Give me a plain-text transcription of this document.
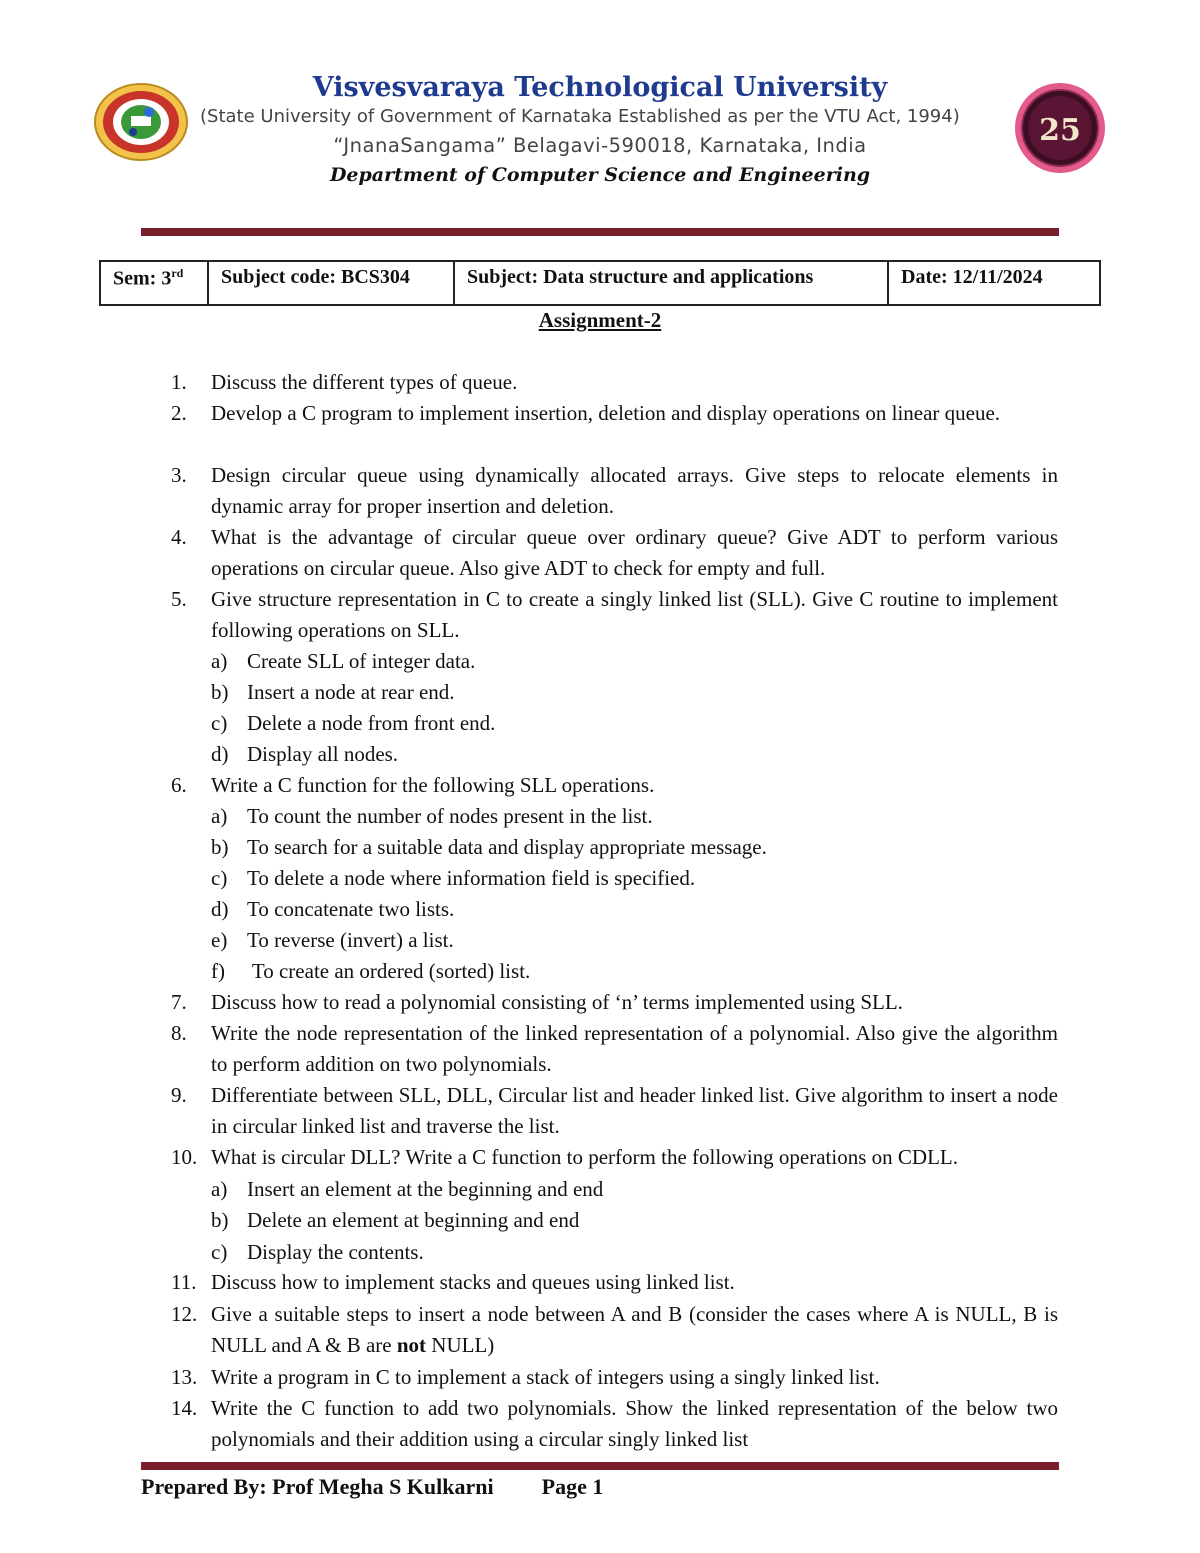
25
Visvesvaraya Technological University
(State University of Government of Karnataka Established as per the VTU Act, 1994)
“JnanaSangama” Belagavi-590018, Karnataka, India
Department of Computer Science and Engineering
Sem: 3rd	Subject code: BCS304	Subject: Data structure and applications	Date: 12/11/2024
Assignment-2
1.	Discuss the different types of queue.
2.	Develop a C program to implement insertion, deletion and display operations on linear queue.
3.	Design circular queue using dynamically allocated arrays. Give steps to relocate elements in dynamic array for proper insertion and deletion.
4.	What is the advantage of circular queue over ordinary queue? Give ADT to perform various operations on circular queue. Also give ADT to check for empty and full.
5.	Give structure representation in C to create a singly linked list (SLL). Give C routine to implement following operations on SLL.
a) Create SLL of integer data.
b) Insert a node at rear end.
c) Delete a node from front end.
d) Display all nodes.
6.	Write a C function for the following SLL operations.
a) To count the number of nodes present in the list.
b) To search for a suitable data and display appropriate message.
c) To delete a node where information field is specified.
d) To concatenate two lists.
e) To reverse (invert) a list.
f) To create an ordered (sorted) list.
7.	Discuss how to read a polynomial consisting of ‘n’ terms implemented using SLL.
8.	Write the node representation of the linked representation of a polynomial. Also give the algorithm to perform addition on two polynomials.
9.	Differentiate between SLL, DLL, Circular list and header linked list. Give algorithm to insert a node in circular linked list and traverse the list.
10. What is circular DLL? Write a C function to perform the following operations on CDLL.
a) Insert an element at the beginning and end
b) Delete an element at beginning and end
c) Display the contents.
11. Discuss how to implement stacks and queues using linked list.
12. Give a suitable steps to insert a node between A and B (consider the cases where A is NULL, B is NULL and A & B are not NULL)
13. Write a program in C to implement a stack of integers using a singly linked list.
14. Write the C function to add two polynomials. Show the linked representation of the below two polynomials and their addition using a circular singly linked list
Prepared By: Prof Megha S Kulkarni Page 1
